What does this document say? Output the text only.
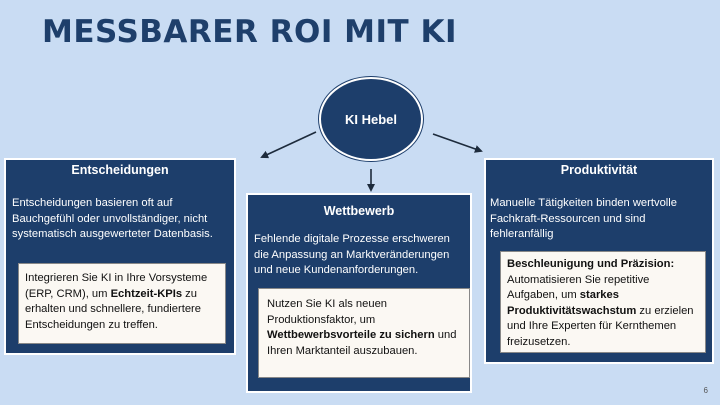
MESSBARER ROI MIT KI
KI Hebel
Entscheidungen
Entscheidungen basieren oft auf Bauchgefühl oder unvollständiger, nicht systematisch ausgewerteter Datenbasis.
Integrieren Sie KI in Ihre Vorsysteme (ERP, CRM), um Echtzeit-KPIs zu erhalten und schnellere, fundiertere Entscheidungen zu treffen.
Wettbewerb
Fehlende digitale Prozesse erschweren die Anpassung an Marktveränderungen und neue Kundenanforderungen.
Nutzen Sie KI als neuen Produktionsfaktor, um Wettbewerbsvorteile zu sichern und Ihren Marktanteil auszubauen.
Produktivität
Manuelle Tätigkeiten binden wertvolle Fachkraft-Ressourcen und sind fehleranfällig
Beschleunigung und Präzision: Automatisieren Sie repetitive Aufgaben, um starkes Produktivitätswachstum zu erzielen und Ihre Experten für Kernthemen freizusetzen.
6
